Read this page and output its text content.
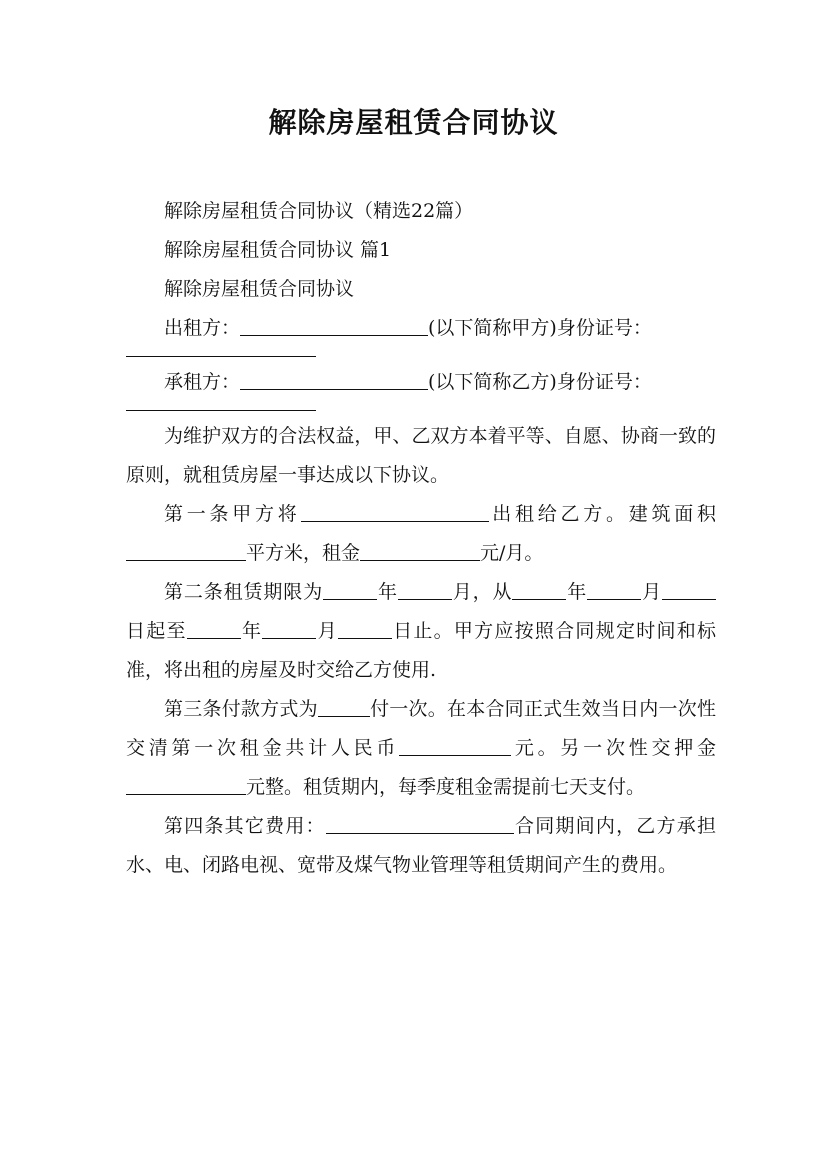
解除房屋租赁合同协议

解除房屋租赁合同协议（精选22篇）

解除房屋租赁合同协议 篇1

解除房屋租赁合同协议

出租方：	(以下简称甲方)身份证号：

承租方：	(以下简称乙方)身份证号：

为维护双方的合法权益，甲、乙双方本着平等、自愿、协商一致的原则，就租赁房屋一事达成以下协议。

第一条甲方将	出租给乙方。建筑面积平方米，租金	元/月。

第二条租赁期限为	年	月，从	年	月日起至	年	月	日止。甲方应按照合同规定时间和标准，将出租的房屋及时交给乙方使用.

第三条付款方式为	付一次。在本合同正式生效当日内一次性交清第一次租金共计人民币	元。另一次性交押金元整。租赁期内，每季度租金需提前七天支付。

第四条其它费用：	合同期间内，乙方承担水、电、闭路电视、宽带及煤气物业管理等租赁期间产生的费用。
